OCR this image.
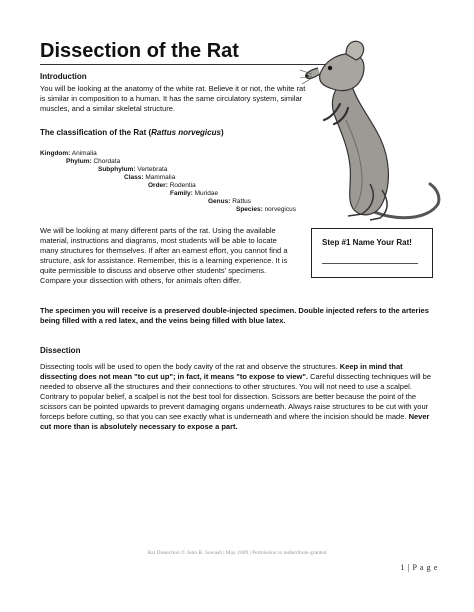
Dissection of the Rat

Introduction

You will be looking at the anatomy of the white rat. Believe it or not, the white rat is similar in composition to a human. It has the same circulatory system, similar muscles, and a similar skeletal structure.

The classification of the Rat (Rattus norvegicus)

Kingdom: Animalia
Phylum: Chordata
Subphylum: Vertebrata
Class: Mammalia
Order: Rodentia
Family: Muridae
Genus: Rattus
Species: norvegicus

We will be looking at many different parts of the rat. Using the available material, instructions and diagrams, most students will be able to locate many structures for themselves. If after an earnest effort, you cannot find a structure, ask for assistance. Remember, this is a learning experience. It is quite permissible to discuss and observe other students' specimens. Compare your dissection with others, for animals often differ.

Step #1 Name Your Rat!

The specimen you will receive is a preserved double-injected specimen. Double injected refers to the arteries being filled with a red latex, and the veins being filled with blue latex.

Dissection

Dissecting tools will be used to open the body cavity of the rat and observe the structures. Keep in mind that dissecting does not mean "to cut up"; in fact, it means "to expose to view". Careful dissecting techniques will be needed to observe all the structures and their connections to other structures. You will not need to use a scalpel. Contrary to popular belief, a scalpel is not the best tool for dissection. Scissors are better because the point of the scissors can be pointed upwards to prevent damaging organs underneath. Always raise structures to be cut with your forceps before cutting, so that you can see exactly what is underneath and where the incision should be made. Never cut more than is absolutely necessary to expose a part.

Rat Dissection © John R. Sowash | May 2009 | Permission to redistribute granted
1 | P a g e
